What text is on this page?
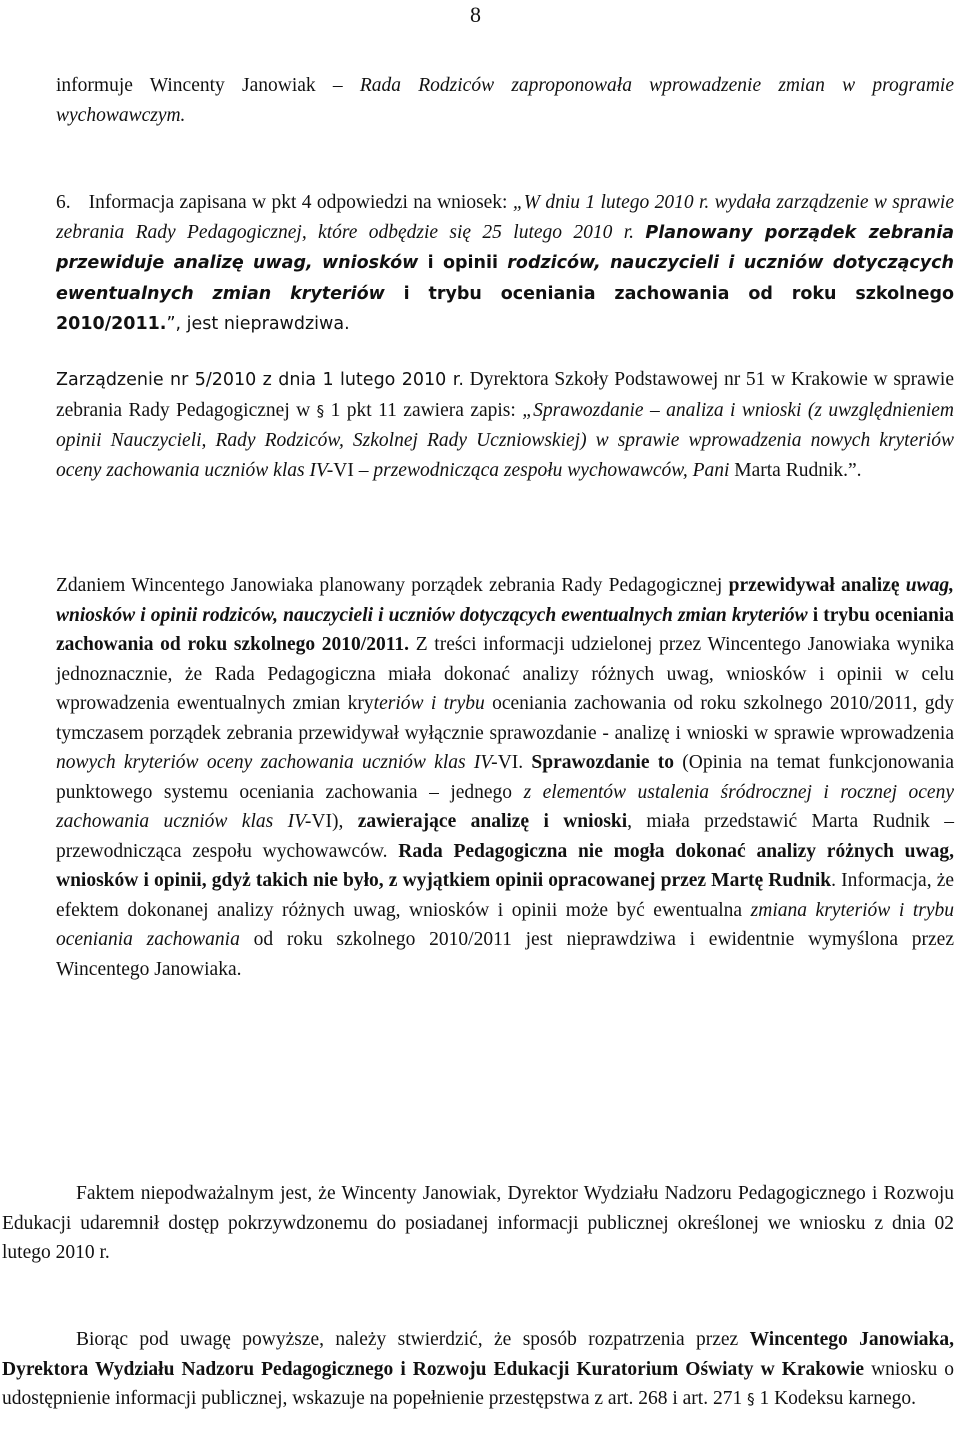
8

informuje Wincenty Janowiak – Rada Rodziców zaproponowała wprowadzenie zmian w programie wychowawczym.

6. Informacja zapisana w pkt 4 odpowiedzi na wniosek: „W dniu 1 lutego 2010 r. wydała zarządzenie w sprawie zebrania Rady Pedagogicznej, które odbędzie się 25 lutego 2010 r. Planowany porządek zebrania przewiduje analizę uwag, wniosków i opinii rodziców, nauczycieli i uczniów dotyczących ewentualnych zmian kryteriów i trybu oceniania zachowania od roku szkolnego 2010/2011.”, jest nieprawdziwa.

Zarządzenie nr 5/2010 z dnia 1 lutego 2010 r. Dyrektora Szkoły Podstawowej nr 51 w Krakowie w sprawie zebrania Rady Pedagogicznej w § 1 pkt 11 zawiera zapis: „Sprawozdanie – analiza i wnioski (z uwzględnieniem opinii Nauczycieli, Rady Rodziców, Szkolnej Rady Uczniowskiej) w sprawie wprowadzenia nowych kryteriów oceny zachowania uczniów klas IV-VI – przewodnicząca zespołu wychowawców, Pani Marta Rudnik.”.

Zdaniem Wincentego Janowiaka planowany porządek zebrania Rady Pedagogicznej przewidywał analizę uwag, wniosków i opinii rodziców, nauczycieli i uczniów dotyczących ewentualnych zmian kryteriów i trybu oceniania zachowania od roku szkolnego 2010/2011. Z treści informacji udzielonej przez Wincentego Janowiaka wynika jednoznacznie, że Rada Pedagogiczna miała dokonać analizy różnych uwag, wniosków i opinii w celu wprowadzenia ewentualnych zmian kryteriów i trybu oceniania zachowania od roku szkolnego 2010/2011, gdy tymczasem porządek zebrania przewidywał wyłącznie sprawozdanie - analizę i wnioski w sprawie wprowadzenia nowych kryteriów oceny zachowania uczniów klas IV-VI. Sprawozdanie to (Opinia na temat funkcjonowania punktowego systemu oceniania zachowania – jednego z elementów ustalenia śródrocznej i rocznej oceny zachowania uczniów klas IV-VI), zawierające analizę i wnioski, miała przedstawić Marta Rudnik – przewodnicząca zespołu wychowawców. Rada Pedagogiczna nie mogła dokonać analizy różnych uwag, wniosków i opinii, gdyż takich nie było, z wyjątkiem opinii opracowanej przez Martę Rudnik. Informacja, że efektem dokonanej analizy różnych uwag, wniosków i opinii może być ewentualna zmiana kryteriów i trybu oceniania zachowania od roku szkolnego 2010/2011 jest nieprawdziwa i ewidentnie wymyślona przez Wincentego Janowiaka.

Faktem niepodważalnym jest, że Wincenty Janowiak, Dyrektor Wydziału Nadzoru Pedagogicznego i Rozwoju Edukacji udaremnił dostęp pokrzywdzonemu do posiadanej informacji publicznej określonej we wniosku z dnia 02 lutego 2010 r.

Biorąc pod uwagę powyższe, należy stwierdzić, że sposób rozpatrzenia przez Wincentego Janowiaka, Dyrektora Wydziału Nadzoru Pedagogicznego i Rozwoju Edukacji Kuratorium Oświaty w Krakowie wniosku o udostępnienie informacji publicznej, wskazuje na popełnienie przestępstwa z art. 268 i art. 271 § 1 Kodeksu karnego.
